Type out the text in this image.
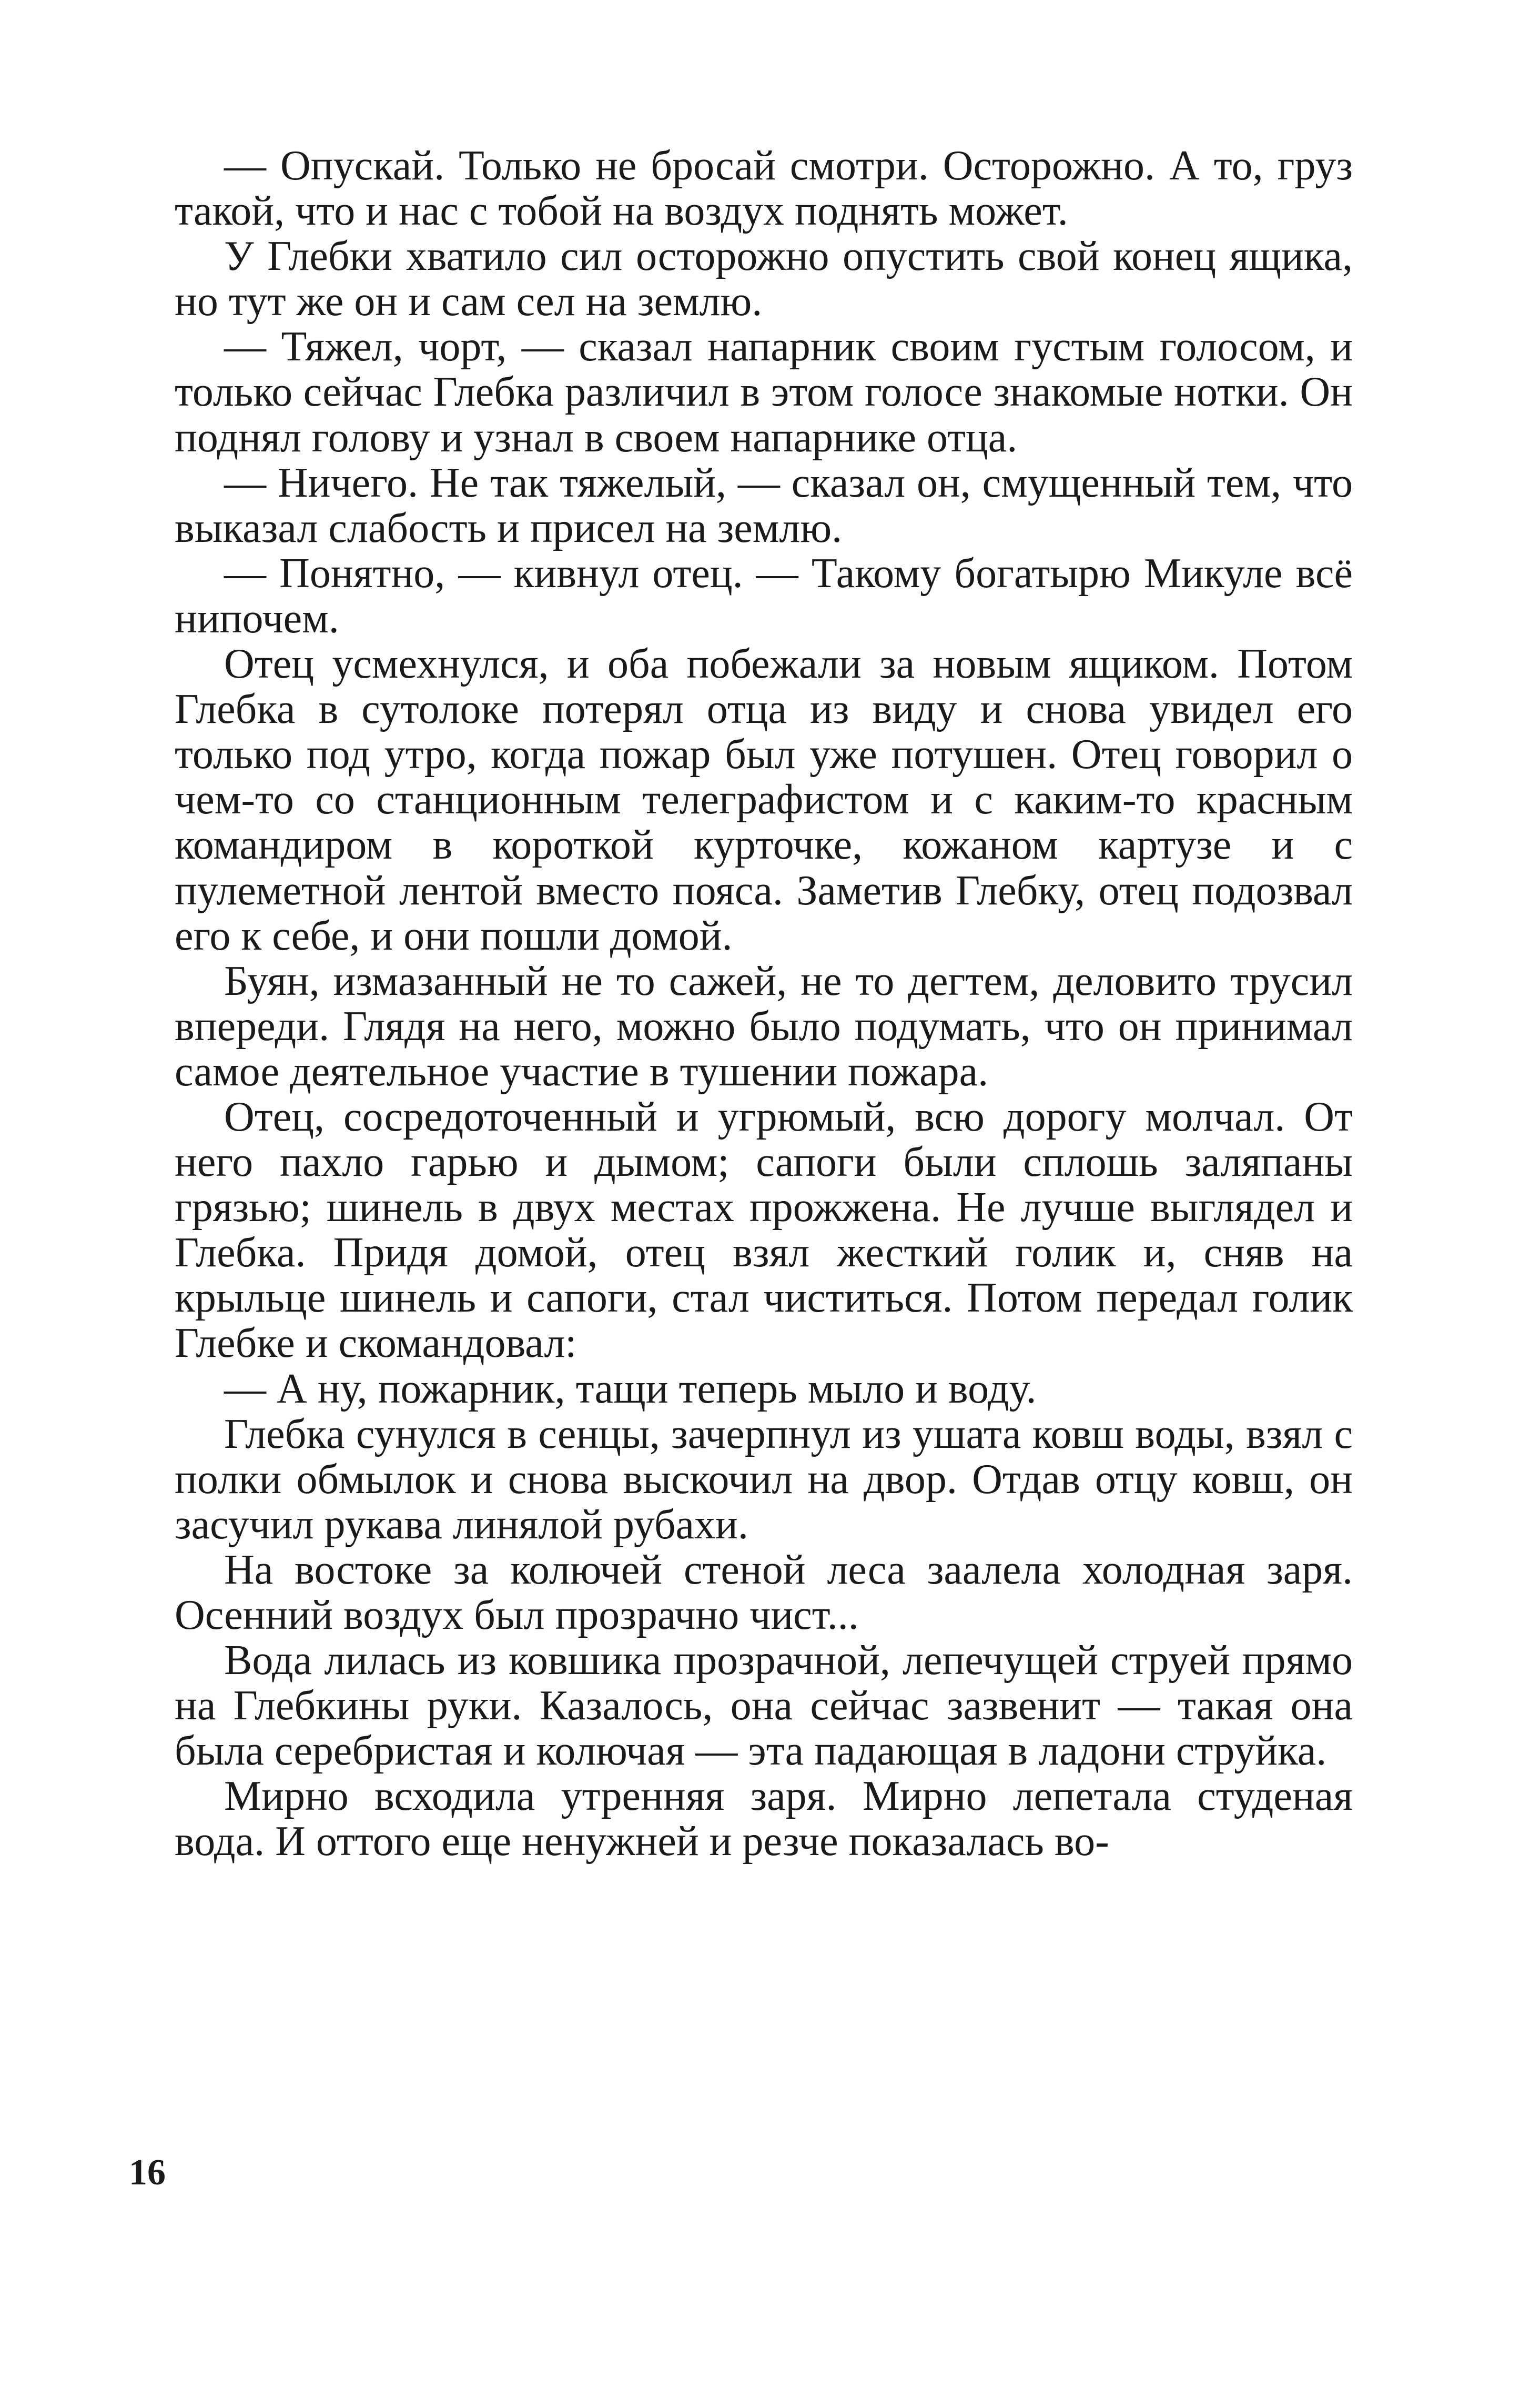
— Опускай. Только не бросай смотри. Осторожно. А то, груз такой, что и нас с тобой на воздух поднять может.

У Глебки хватило сил осторожно опустить свой конец ящика, но тут же он и сам сел на землю.

— Тяжел, чорт, — сказал напарник своим густым голосом, и только сейчас Глебка различил в этом голосе знакомые нотки. Он поднял голову и узнал в своем напарнике отца.

— Ничего. Не так тяжелый, — сказал он, смущенный тем, что выказал слабость и присел на землю.

— Понятно, — кивнул отец. — Такому богатырю Микуле всё нипочем.

Отец усмехнулся, и оба побежали за новым ящиком. Потом Глебка в сутолоке потерял отца из виду и снова увидел его только под утро, когда пожар был уже потушен. Отец говорил о чем-то со станционным телеграфистом и с каким-то красным командиром в короткой курточке, кожаном картузе и с пулеметной лентой вместо пояса. Заметив Глебку, отец подозвал его к себе, и они пошли домой.

Буян, измазанный не то сажей, не то дегтем, деловито трусил впереди. Глядя на него, можно было подумать, что он принимал самое деятельное участие в тушении пожара.

Отец, сосредоточенный и угрюмый, всю дорогу молчал. От него пахло гарью и дымом; сапоги были сплошь заляпаны грязью; шинель в двух местах прожжена. Не лучше выглядел и Глебка. Придя домой, отец взял жесткий голик и, сняв на крыльце шинель и сапоги, стал чиститься. Потом передал голик Глебке и скомандовал:

— А ну, пожарник, тащи теперь мыло и воду.

Глебка сунулся в сенцы, зачерпнул из ушата ковш воды, взял с полки обмылок и снова выскочил на двор. Отдав отцу ковш, он засучил рукава линялой рубахи.

На востоке за колючей стеной леса заалела холодная заря. Осенний воздух был прозрачно чист...

Вода лилась из ковшика прозрачной, лепечущей струей прямо на Глебкины руки. Казалось, она сейчас зазвенит — такая она была серебристая и колючая — эта падающая в ладони струйка.

Мирно всходила утренняя заря. Мирно лепетала студеная вода. И оттого еще ненужней и резче показалась во-

16
